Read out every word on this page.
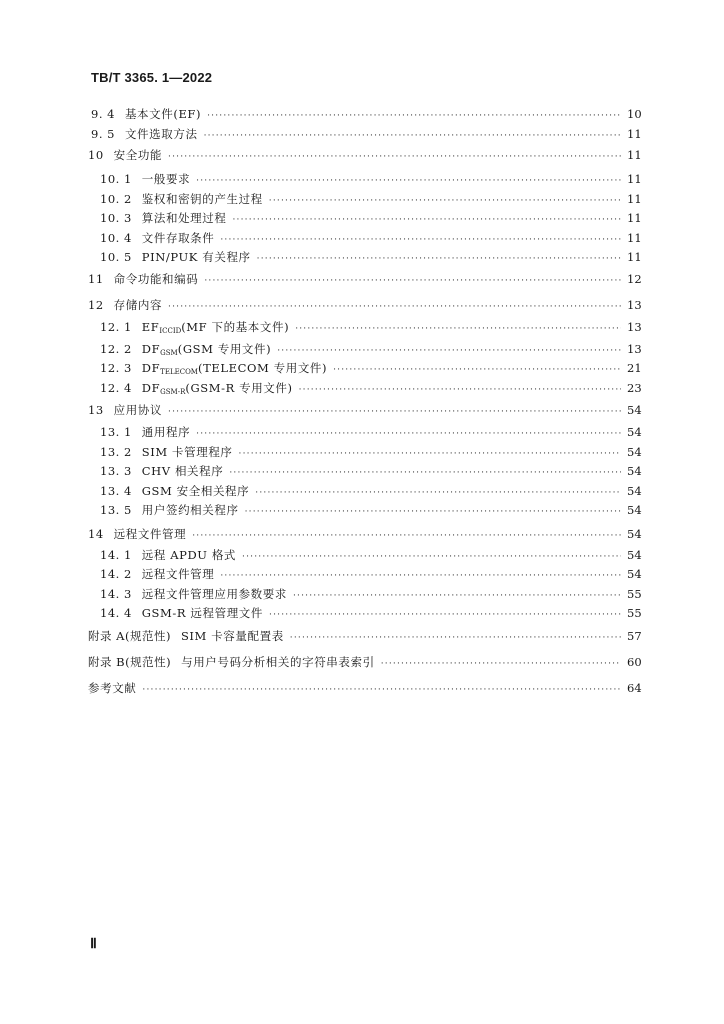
TB/T 3365. 1—2022
9. 4 基本文件(EF) ·····	10
9. 5 文件选取方法 ·····	11
10 安全功能 ·····	11
10. 1 一般要求 ·····	11
10. 2 鉴权和密钥的产生过程 ·····	11
10. 3 算法和处理过程 ·····	11
10. 4 文件存取条件 ·····	11
10. 5 PIN/PUK 有关程序 ·····	11
11 命令功能和编码 ·····	12
12 存储内容 ·····	13
12. 1 $EF_{ICCID}(MF$ 下的基本文件) ·····	13
12. 2 $DF_{GSM}(GSM$ 专用文件) ·····	13
12. 3 $DF_{TELECOM}(TELECOM$ 专用文件) ·····	21
12. 4 $DF_{GSM-R}(GSM-R$ 专用文件) ·····	23
13 应用协议 ·····	54
13. 1 通用程序 ·····	54
13. 2 SIM 卡管理程序 ·····	54
13. 3 CHV 相关程序 ·····	54
13. 4 GSM 安全相关程序 ·····	54
13. 5 用户签约相关程序 ·····	54
14 远程文件管理 ·····	54
14. 1 远程 APDU 格式 ·····	54
14. 2 远程文件管理 ·····	54
14. 3 远程文件管理应用参数要求 ·····	55
14. 4 GSM-R 远程管理文件 ·····	55
附录 A(规范性) SIM 卡容量配置表 ·····	57
附录 B(规范性) 与用户号码分析相关的字符串表索引 ·····	60
参考文献 ·····	64
Ⅱ
